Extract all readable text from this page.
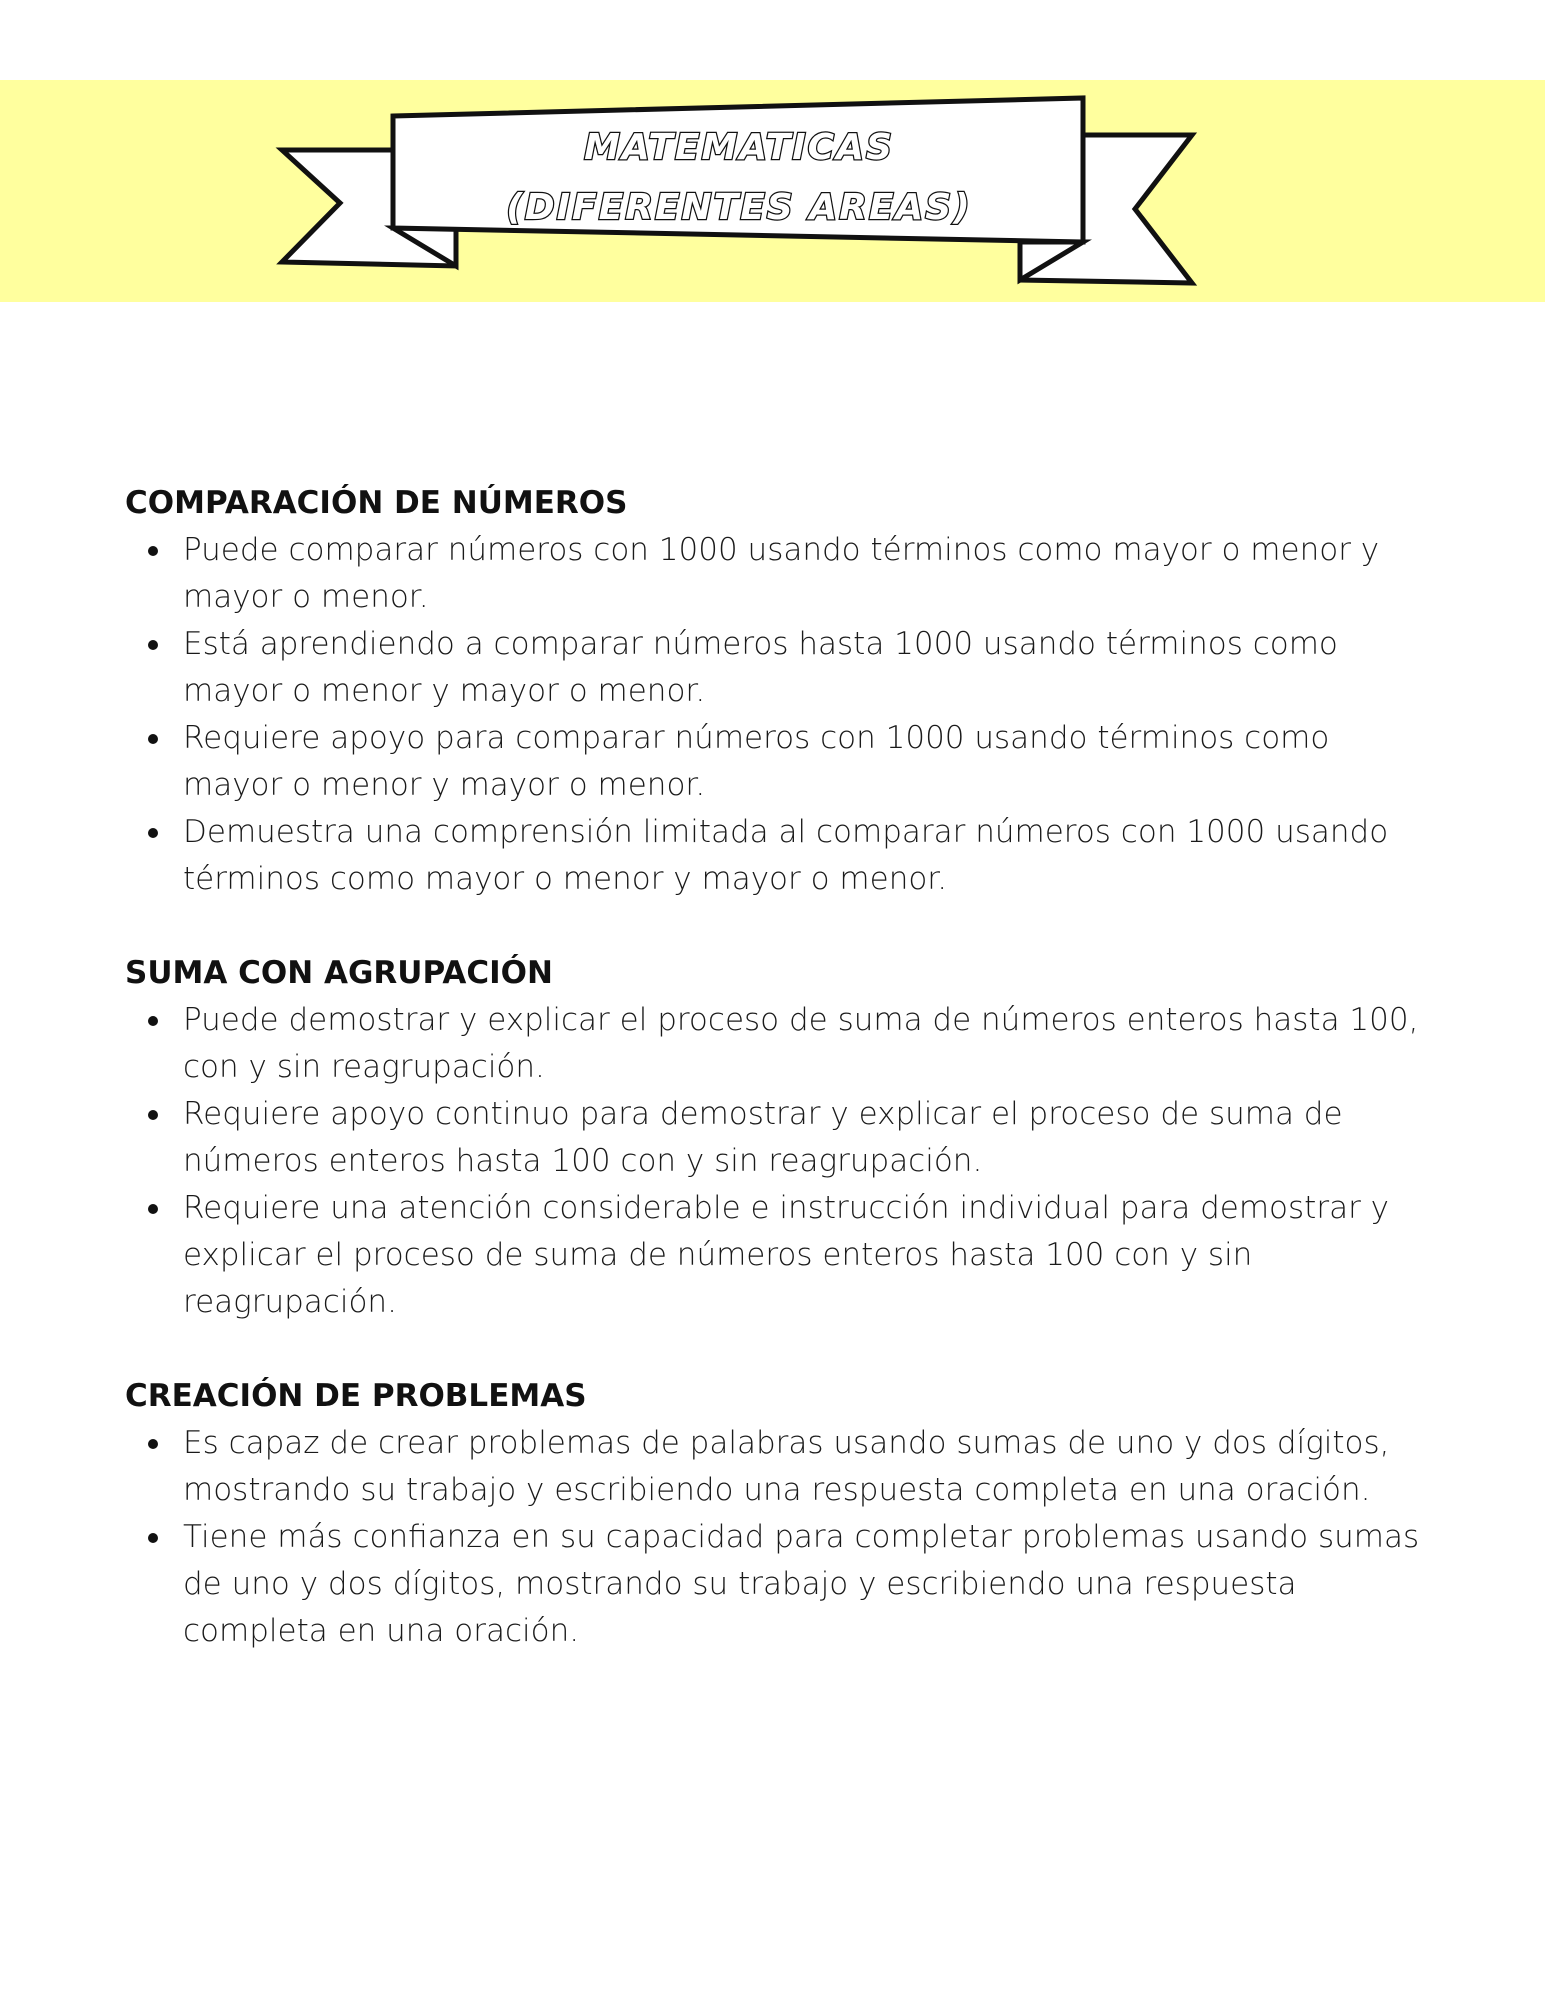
MATEMATICAS
(DIFERENTES AREAS)
COMPARACIÓN DE NÚMEROS
Puede comparar números con 1000 usando términos como mayor o menor y mayor o menor.
Está aprendiendo a comparar números hasta 1000 usando términos como mayor o menor y mayor o menor.
Requiere apoyo para comparar números con 1000 usando términos como mayor o menor y mayor o menor.
Demuestra una comprensión limitada al comparar números con 1000 usando términos como mayor o menor y mayor o menor.
SUMA CON AGRUPACIÓN
Puede demostrar y explicar el proceso de suma de números enteros hasta 100, con y sin reagrupación.
Requiere apoyo continuo para demostrar y explicar el proceso de suma de números enteros hasta 100 con y sin reagrupación.
Requiere una atención considerable e instrucción individual para demostrar y explicar el proceso de suma de números enteros hasta 100 con y sin reagrupación.
CREACIÓN DE PROBLEMAS
Es capaz de crear problemas de palabras usando sumas de uno y dos dígitos, mostrando su trabajo y escribiendo una respuesta completa en una oración.
Tiene más confianza en su capacidad para completar problemas usando sumas de uno y dos dígitos, mostrando su trabajo y escribiendo una respuesta completa en una oración.
